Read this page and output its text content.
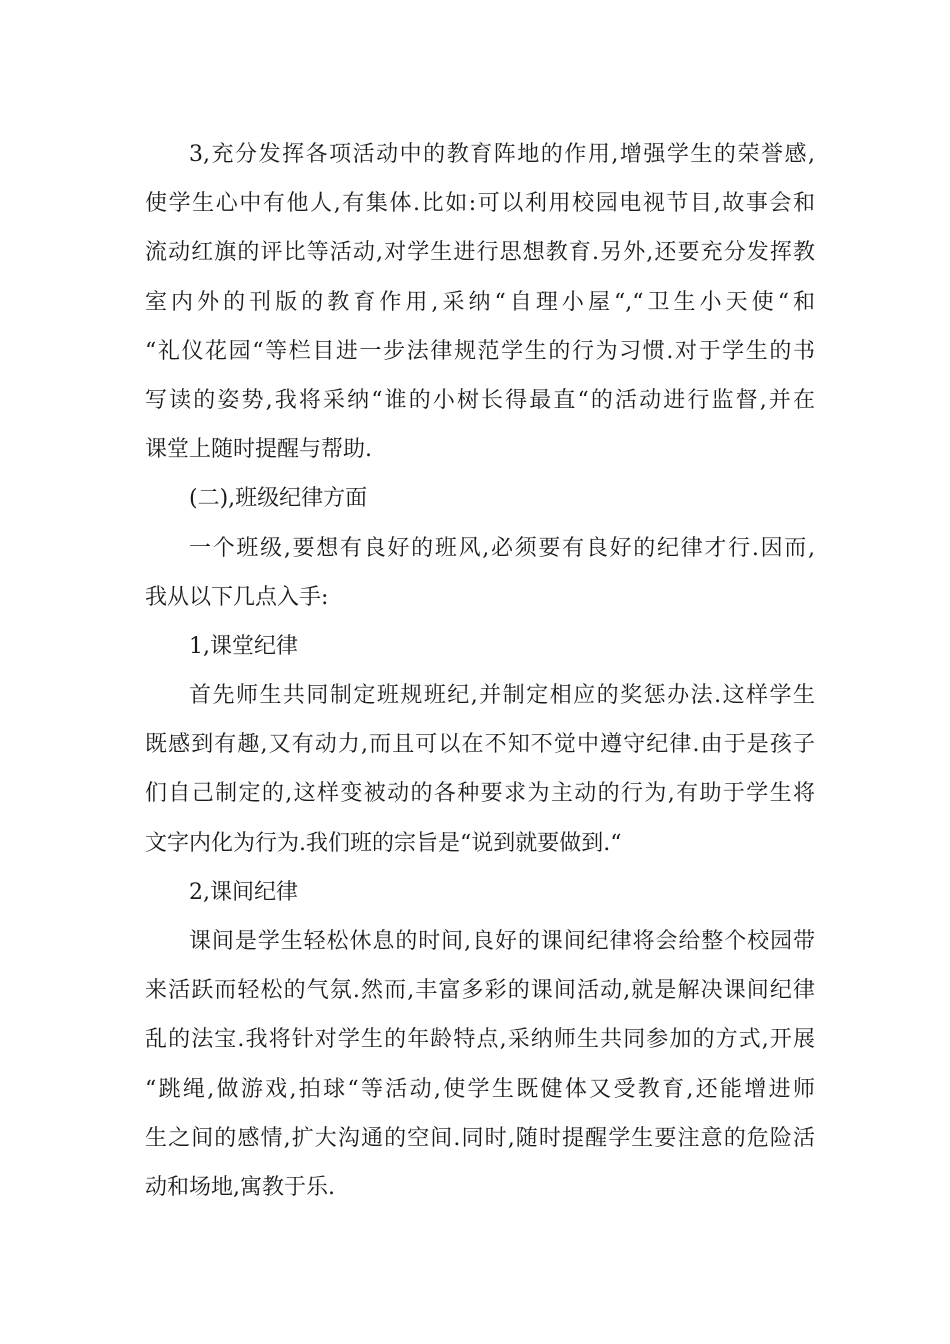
3,充分发挥各项活动中的教育阵地的作用,增强学生的荣誉感,
使学生心中有他人,有集体.比如:可以利用校园电视节目,故事会和
流动红旗的评比等活动,对学生进行思想教育.另外,还要充分发挥教
室内外的刊版的教育作用,采纳“自理小屋“,“卫生小天使“和
“礼仪花园“等栏目进一步法律规范学生的行为习惯.对于学生的书
写读的姿势,我将采纳“谁的小树长得最直“的活动进行监督,并在
课堂上随时提醒与帮助.
(二),班级纪律方面
一个班级,要想有良好的班风,必须要有良好的纪律才行.因而,
我从以下几点入手:
1,课堂纪律
首先师生共同制定班规班纪,并制定相应的奖惩办法.这样学生
既感到有趣,又有动力,而且可以在不知不觉中遵守纪律.由于是孩子
们自己制定的,这样变被动的各种要求为主动的行为,有助于学生将
文字内化为行为.我们班的宗旨是“说到就要做到.“
2,课间纪律
课间是学生轻松休息的时间,良好的课间纪律将会给整个校园带
来活跃而轻松的气氛.然而,丰富多彩的课间活动,就是解决课间纪律
乱的法宝.我将针对学生的年龄特点,采纳师生共同参加的方式,开展
“跳绳,做游戏,拍球“等活动,使学生既健体又受教育,还能增进师
生之间的感情,扩大沟通的空间.同时,随时提醒学生要注意的危险活
动和场地,寓教于乐.
